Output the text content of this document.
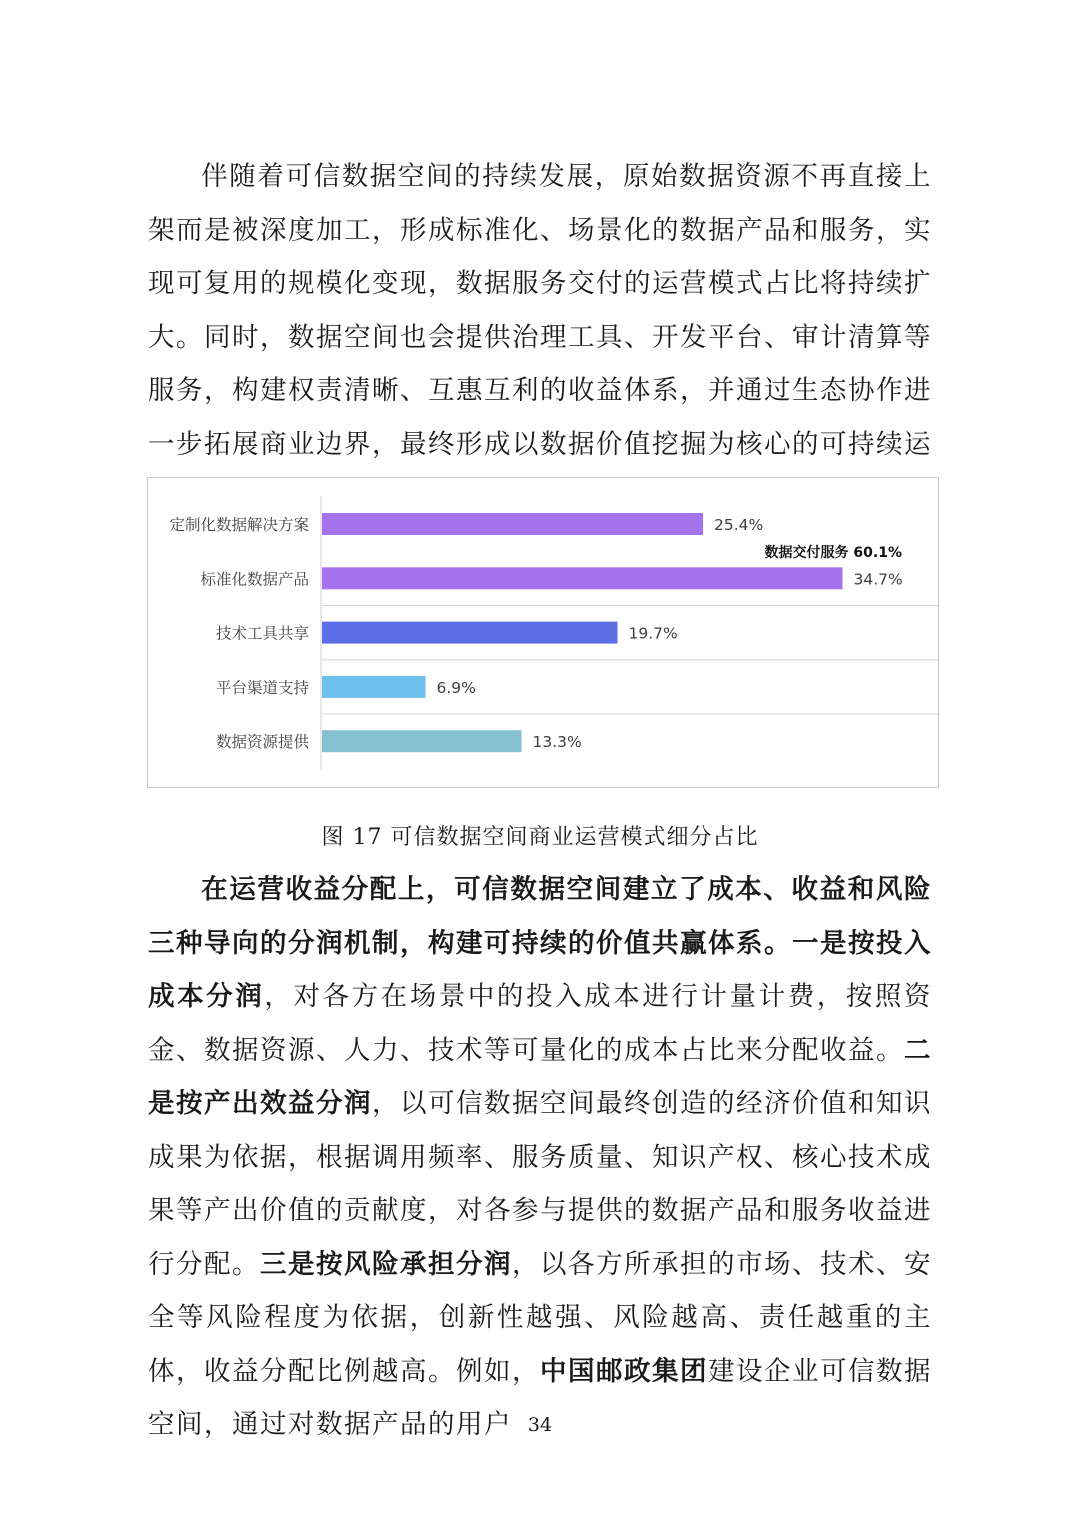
伴随着可信数据空间的持续发展，原始数据资源不再直接上架而是被深度加工，形成标准化、场景化的数据产品和服务，实现可复用的规模化变现，数据服务交付的运营模式占比将持续扩大。同时，数据空间也会提供治理工具、开发平台、审计清算等服务，构建权责清晰、互惠互利的收益体系，并通过生态协作进一步拓展商业边界，最终形成以数据价值挖掘为核心的可持续运

定制化数据解决方案	25.4%
标准化数据产品	34.7%
技术工具共享	19.7%
平台渠道支持	6.9%
数据资源提供	13.3%
数据交付服务 60.1%
图 17 可信数据空间商业运营模式细分占比

在运营收益分配上，可信数据空间建立了成本、收益和风险三种导向的分润机制，构建可持续的价值共赢体系。一是按投入成本分润，对各方在场景中的投入成本进行计量计费，按照资金、数据资源、人力、技术等可量化的成本占比来分配收益。二是按产出效益分润，以可信数据空间最终创造的经济价值和知识成果为依据，根据调用频率、服务质量、知识产权、核心技术成果等产出价值的贡献度，对各参与提供的数据产品和服务收益进行分配。三是按风险承担分润，以各方所承担的市场、技术、安全等风险程度为依据，创新性越强、风险越高、责任越重的主体，收益分配比例越高。例如，中国邮政集团建设企业可信数据空间，通过对数据产品的用户 34
